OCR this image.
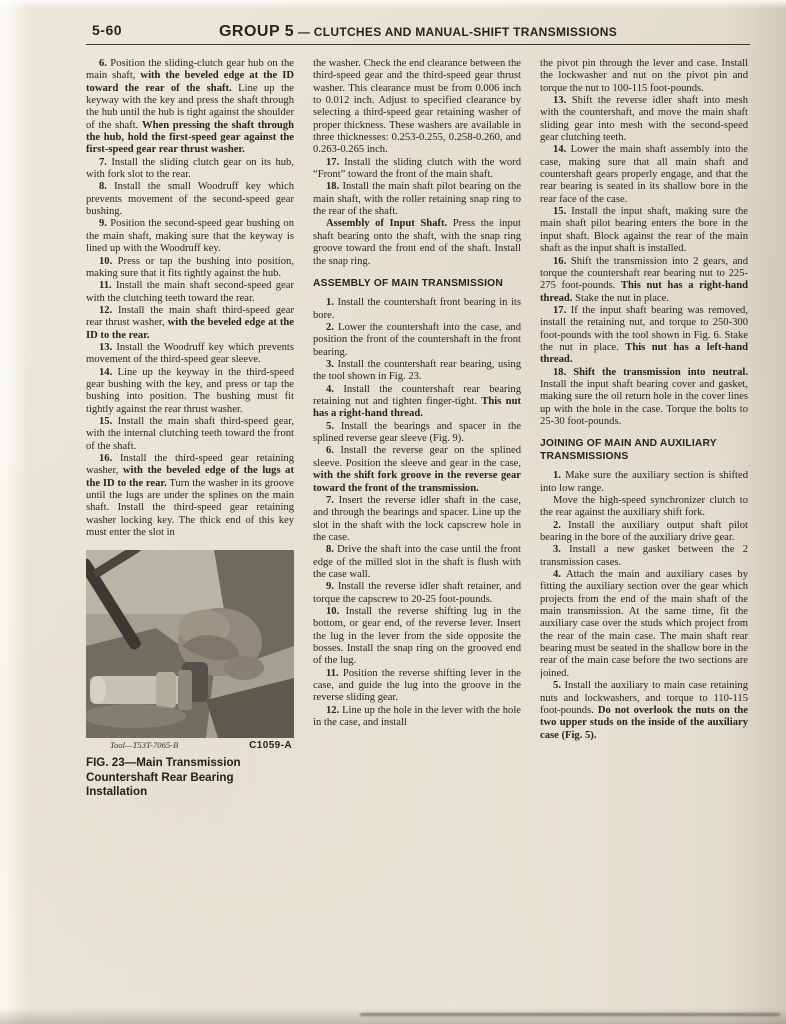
5-60	GROUP 5 — CLUTCHES AND MANUAL-SHIFT TRANSMISSIONS

6. Position the sliding-clutch gear hub on the main shaft, with the beveled edge at the ID toward the rear of the shaft. Line up the keyway with the key and press the shaft through the hub until the hub is tight against the shoulder of the shaft. When pressing the shaft through the hub, hold the first-speed gear against the first-speed gear rear thrust washer.

7. Install the sliding clutch gear on its hub, with fork slot to the rear.

8. Install the small Woodruff key which prevents movement of the second-speed gear bushing.

9. Position the second-speed gear bushing on the main shaft, making sure that the keyway is lined up with the Woodruff key.

10. Press or tap the bushing into position, making sure that it fits tightly against the hub.

11. Install the main shaft second-speed gear with the clutching teeth toward the rear.

12. Install the main shaft third-speed gear rear thrust washer, with the beveled edge at the ID to the rear.

13. Install the Woodruff key which prevents movement of the third-speed gear sleeve.

14. Line up the keyway in the third-speed gear bushing with the key, and press or tap the bushing into position. The bushing must fit tightly against the rear thrust washer.

15. Install the main shaft third-speed gear, with the internal clutching teeth toward the front of the shaft.

16. Install the third-speed gear retaining washer, with the beveled edge of the lugs at the ID to the rear. Turn the washer in its groove until the lugs are under the splines on the main shaft. Install the third-speed gear retaining washer locking key. The thick end of this key must enter the slot in

Tool—T53T-7065-B	C1059-A
FIG. 23—Main Transmission Countershaft Rear Bearing Installation

the washer. Check the end clearance between the third-speed gear and the third-speed gear thrust washer. This clearance must be from 0.006 inch to 0.012 inch. Adjust to specified clearance by selecting a third-speed gear retaining washer of proper thickness. These washers are available in three thicknesses: 0.253-0.255, 0.258-0.260, and 0.263-0.265 inch.

17. Install the sliding clutch with the word “Front” toward the front of the main shaft.

18. Install the main shaft pilot bearing on the main shaft, with the roller retaining snap ring to the rear of the shaft.

Assembly of Input Shaft. Press the input shaft bearing onto the shaft, with the snap ring groove toward the front end of the shaft. Install the snap ring.

ASSEMBLY OF MAIN TRANSMISSION

1. Install the countershaft front bearing in its bore.

2. Lower the countershaft into the case, and position the front of the countershaft in the front bearing.

3. Install the countershaft rear bearing, using the tool shown in Fig. 23.

4. Install the countershaft rear bearing retaining nut and tighten finger-tight. This nut has a right-hand thread.

5. Install the bearings and spacer in the splined reverse gear sleeve (Fig. 9).

6. Install the reverse gear on the splined sleeve. Position the sleeve and gear in the case, with the shift fork groove in the reverse gear toward the front of the transmission.

7. Insert the reverse idler shaft in the case, and through the bearings and spacer. Line up the slot in the shaft with the lock capscrew hole in the case.

8. Drive the shaft into the case until the front edge of the milled slot in the shaft is flush with the case wall.

9. Install the reverse idler shaft retainer, and torque the capscrew to 20-25 foot-pounds.

10. Install the reverse shifting lug in the bottom, or gear end, of the reverse lever. Insert the lug in the lever from the side opposite the bosses. Install the snap ring on the grooved end of the lug.

11. Position the reverse shifting lever in the case, and guide the lug into the groove in the reverse sliding gear.

12. Line up the hole in the lever with the hole in the case, and install

the pivot pin through the lever and case. Install the lockwasher and nut on the pivot pin and torque the nut to 100-115 foot-pounds.

13. Shift the reverse idler shaft into mesh with the countershaft, and move the main shaft sliding gear into mesh with the second-speed gear clutching teeth.

14. Lower the main shaft assembly into the case, making sure that all main shaft and countershaft gears properly engage, and that the rear bearing is seated in its shallow bore in the rear face of the case.

15. Install the input shaft, making sure the main shaft pilot bearing enters the bore in the input shaft. Block against the rear of the main shaft as the input shaft is installed.

16. Shift the transmission into 2 gears, and torque the countershaft rear bearing nut to 225-275 foot-pounds. This nut has a right-hand thread. Stake the nut in place.

17. If the input shaft bearing was removed, install the retaining nut, and torque to 250-300 foot-pounds with the tool shown in Fig. 6. Stake the nut in place. This nut has a left-hand thread.

18. Shift the transmission into neutral. Install the input shaft bearing cover and gasket, making sure the oil return hole in the cover lines up with the hole in the case. Torque the bolts to 25-30 foot-pounds.

JOINING OF MAIN AND AUXILIARY TRANSMISSIONS

1. Make sure the auxiliary section is shifted into low range.

Move the high-speed synchronizer clutch to the rear against the auxiliary shift fork.

2. Install the auxiliary output shaft pilot bearing in the bore of the auxiliary drive gear.

3. Install a new gasket between the 2 transmission cases.

4. Attach the main and auxiliary cases by fitting the auxiliary section over the gear which projects from the end of the main shaft of the main transmission. At the same time, fit the auxiliary case over the studs which project from the rear of the main case. The main shaft rear bearing must be seated in the shallow bore in the rear of the main case before the two sections are joined.

5. Install the auxiliary to main case retaining nuts and lockwashers, and torque to 110-115 foot-pounds. Do not overlook the nuts on the two upper studs on the inside of the auxiliary case (Fig. 5).
